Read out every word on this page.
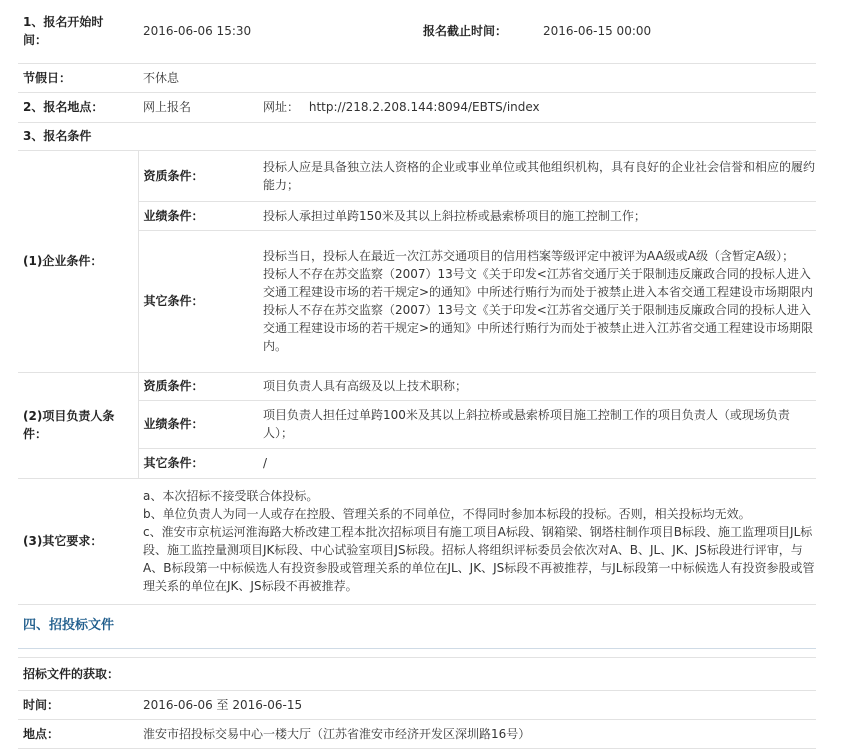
1、报名开始时间：	2016-06-06 15:30 报名截止时间： 2016-06-15 00:00	
节假日：	不休息	
2、报名地点：	网上报名	网址： http://218.2.208.144:8094/EBTS/index
3、报名条件		
(1)企业条件：	资质条件：	投标人应是具备独立法人资格的企业或事业单位或其他组织机构，具有良好的企业社会信誉和相应的履约能力；
	业绩条件：	投标人承担过单跨150米及其以上斜拉桥或悬索桥项目的施工控制工作；
	其它条件：	投标当日，投标人在最近一次江苏交通项目的信用档案等级评定中被评为AA级或A级（含暂定A级）；
投标人不存在苏交监察（2007）13号文《关于印发<江苏省交通厅关于限制违反廉政合同的投标人进入交通工程建设市场的若干规定>的通知》中所述行贿行为而处于被禁止进入本省交通工程建设市场期限内投标人不存在苏交监察（2007）13号文《关于印发<江苏省交通厅关于限制违反廉政合同的投标人进入交通工程建设市场的若干规定>的通知》中所述行贿行为而处于被禁止进入江苏省交通工程建设市场期限内。

(2)项目负责人条件：	资质条件：	项目负责人具有高级及以上技术职称；
	业绩条件：	项目负责人担任过单跨100米及其以上斜拉桥或悬索桥项目施工控制工作的项目负责人（或现场负责人）；
	其它条件：	/
(3)其它要求：	a、本次招标不接受联合体投标。
b、单位负责人为同一人或存在控股、管理关系的不同单位，不得同时参加本标段的投标。否则，相关投标均无效。
c、淮安市京杭运河淮海路大桥改建工程本批次招标项目有施工项目A标段、钢箱梁、钢塔柱制作项目B标段、施工监理项目JL标段、施工监控量测项目JK标段、中心试验室项目JS标段。招标人将组织评标委员会依次对A、B、JL、JK、JS标段进行评审，与A、B标段第一中标候选人有投资参股或管理关系的单位在JL、JK、JS标段不再被推荐，与JL标段第一中标候选人有投资参股或管理关系的单位在JK、JS标段不再被推荐。	

四、招投标文件		

招标文件的获取：		
时间：	2016-06-06 至 2016-06-15	
地点：	淮安市招投标交易中心一楼大厅（江苏省淮安市经济开发区深圳路16号）	
